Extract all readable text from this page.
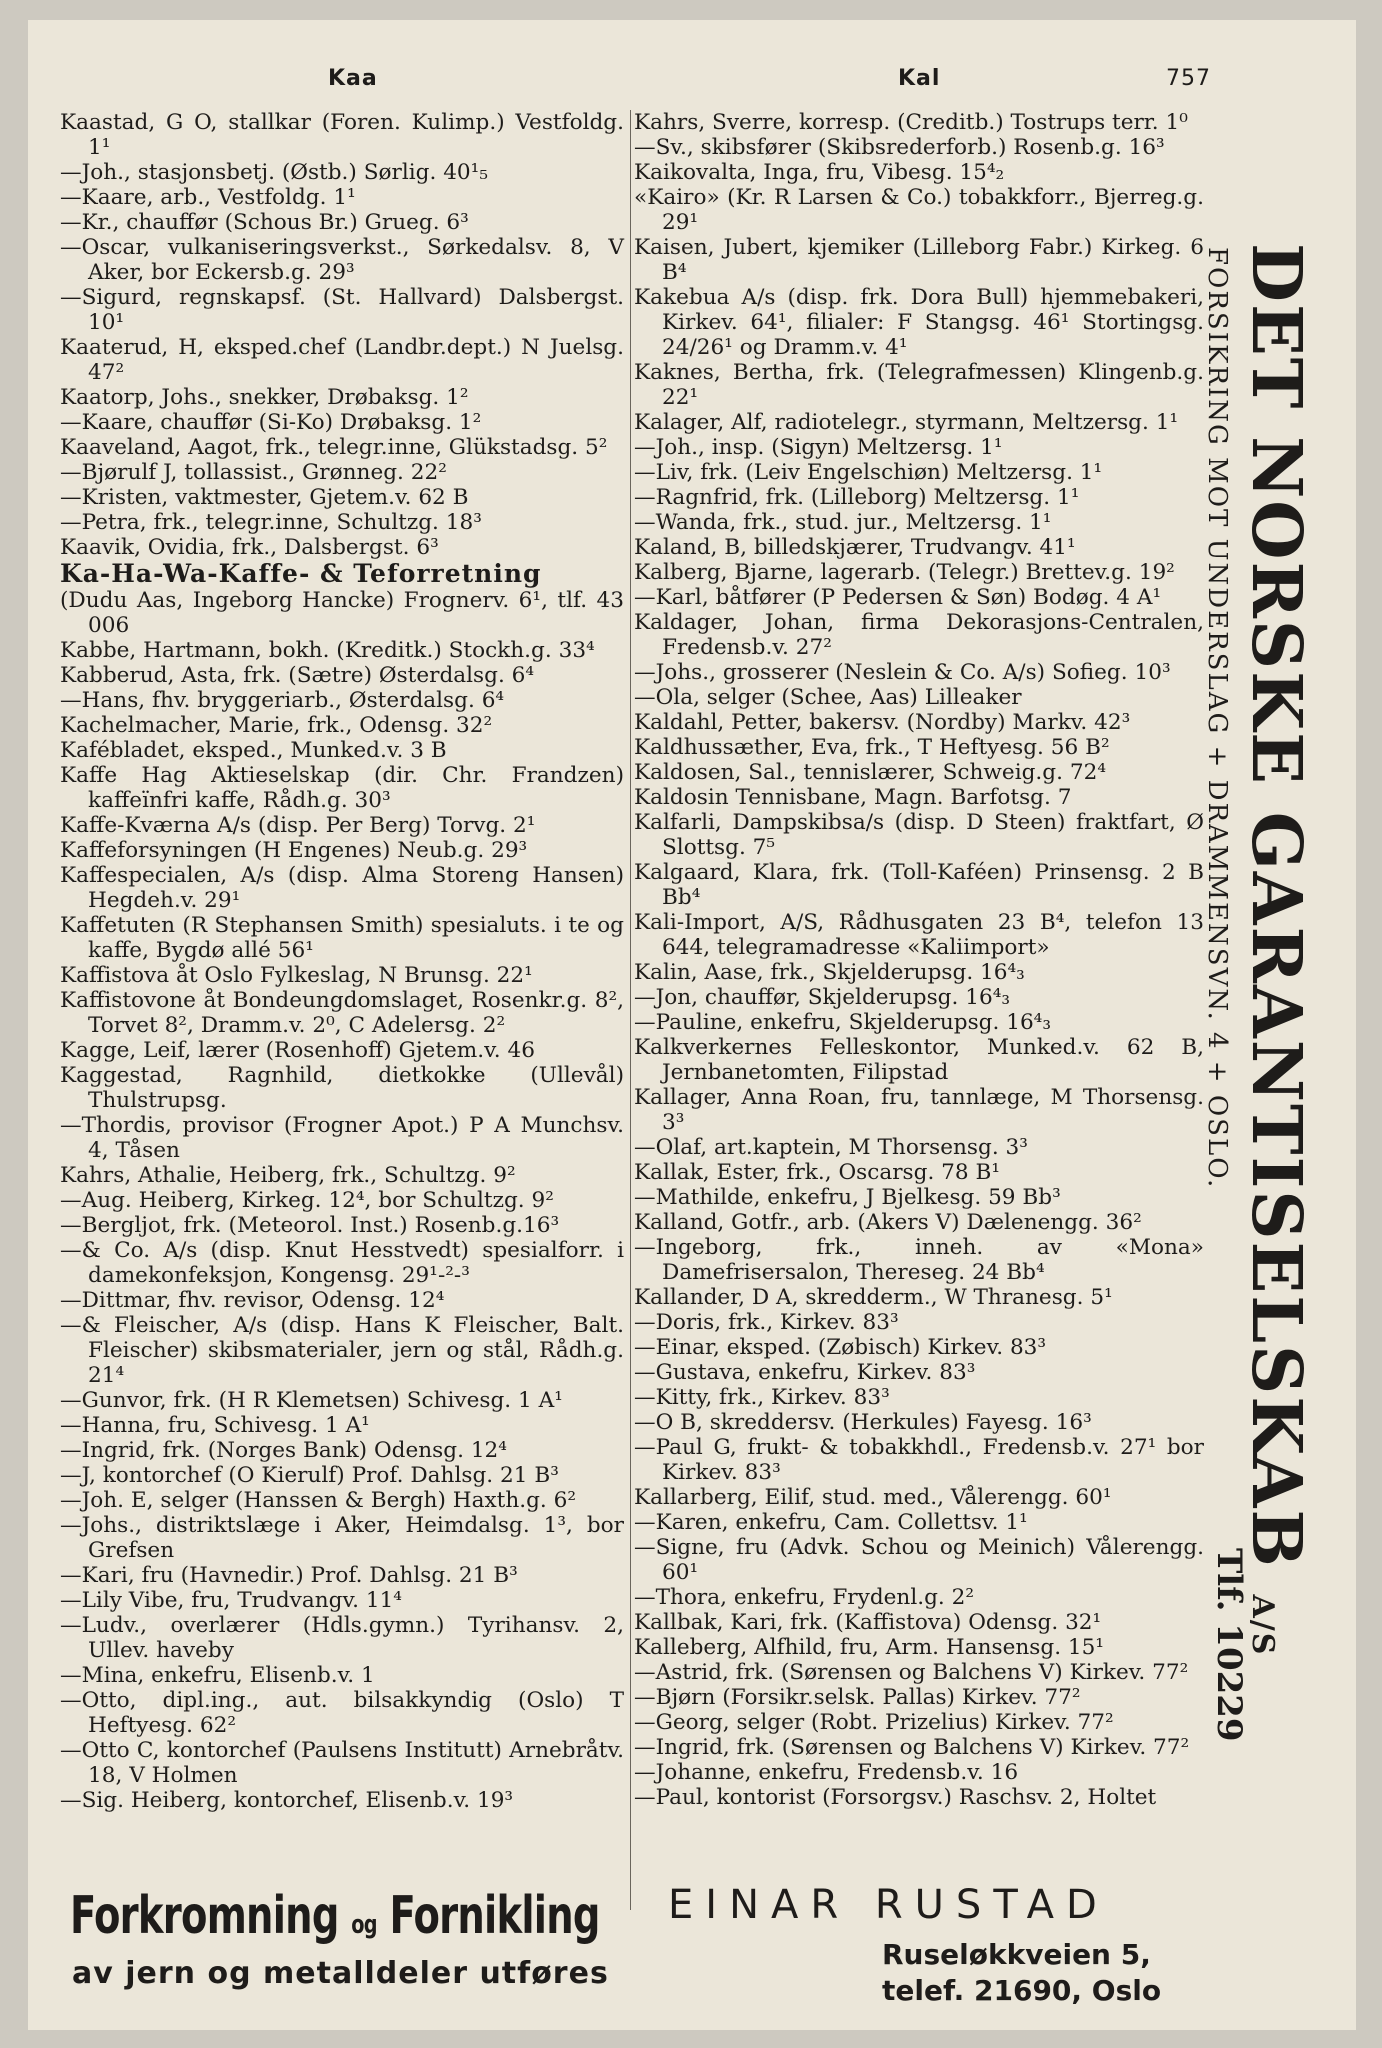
Kaa	Kal	757

Kaastad, G O, stallkar (Foren. Kulimp.) Vestfoldg. 1¹

—Joh., stasjonsbetj. (Østb.) Sørlig. 40¹₅

—Kaare, arb., Vestfoldg. 1¹

—Kr., chauffør (Schous Br.) Grueg. 6³

—Oscar, vulkaniseringsverkst., Sørkedalsv. 8, V Aker, bor Eckersb.g. 29³

—Sigurd, regnskapsf. (St. Hallvard) Dalsbergst. 10¹

Kaaterud, H, eksped.chef (Landbr.dept.) N Juelsg. 47²

Kaatorp, Johs., snekker, Drøbaksg. 1²

—Kaare, chauffør (Si-Ko) Drøbaksg. 1²

Kaaveland, Aagot, frk., telegr.inne, Glükstadsg. 5²

—Bjørulf J, tollassist., Grønneg. 22²

—Kristen, vaktmester, Gjetem.v. 62 B

—Petra, frk., telegr.inne, Schultzg. 18³

Kaavik, Ovidia, frk., Dalsbergst. 6³

Ka-Ha-Wa-Kaffe- & Teforretning

(Dudu Aas, Ingeborg Hancke) Frognerv. 6¹, tlf. 43 006

Kabbe, Hartmann, bokh. (Kreditk.) Stockh.g. 33⁴

Kabberud, Asta, frk. (Sætre) Østerdalsg. 6⁴

—Hans, fhv. bryggeriarb., Østerdalsg. 6⁴

Kachelmacher, Marie, frk., Odensg. 32²

Kafébladet, eksped., Munked.v. 3 B

Kaffe Hag Aktieselskap (dir. Chr. Frandzen) kaffeïnfri kaffe, Rådh.g. 30³

Kaffe-Kværna A/s (disp. Per Berg) Torvg. 2¹

Kaffeforsyningen (H Engenes) Neub.g. 29³

Kaffespecialen, A/s (disp. Alma Storeng Hansen) Hegdeh.v. 29¹

Kaffetuten (R Stephansen Smith) spesialuts. i te og kaffe, Bygdø allé 56¹

Kaffistova åt Oslo Fylkeslag, N Brunsg. 22¹

Kaffistovone åt Bondeungdomslaget, Rosenkr.g. 8², Torvet 8², Dramm.v. 2⁰, C Adelersg. 2²

Kagge, Leif, lærer (Rosenhoff) Gjetem.v. 46

Kaggestad, Ragnhild, dietkokke (Ullevål) Thulstrupsg.

—Thordis, provisor (Frogner Apot.) P A Munchsv. 4, Tåsen

Kahrs, Athalie, Heiberg, frk., Schultzg. 9²

—Aug. Heiberg, Kirkeg. 12⁴, bor Schultzg. 9²

—Bergljot, frk. (Meteorol. Inst.) Rosenb.g.16³

—& Co. A/s (disp. Knut Hesstvedt) spesialforr. i damekonfeksjon, Kongensg. 29¹-²-³

—Dittmar, fhv. revisor, Odensg. 12⁴

—& Fleischer, A/s (disp. Hans K Fleischer, Balt. Fleischer) skibsmaterialer, jern og stål, Rådh.g. 21⁴

—Gunvor, frk. (H R Klemetsen) Schivesg. 1 A¹

—Hanna, fru, Schivesg. 1 A¹

—Ingrid, frk. (Norges Bank) Odensg. 12⁴

—J, kontorchef (O Kierulf) Prof. Dahlsg. 21 B³

—Joh. E, selger (Hanssen & Bergh) Haxth.g. 6²

—Johs., distriktslæge i Aker, Heimdalsg. 1³, bor Grefsen

—Kari, fru (Havnedir.) Prof. Dahlsg. 21 B³

—Lily Vibe, fru, Trudvangv. 11⁴

—Ludv., overlærer (Hdls.gymn.) Tyrihansv. 2, Ullev. haveby

—Mina, enkefru, Elisenb.v. 1

—Otto, dipl.ing., aut. bilsakkyndig (Oslo) T Heftyesg. 62²

—Otto C, kontorchef (Paulsens Institutt) Arnebråtv. 18, V Holmen

—Sig. Heiberg, kontorchef, Elisenb.v. 19³

Kahrs, Sverre, korresp. (Creditb.) Tostrups terr. 1⁰

—Sv., skibsfører (Skibsrederforb.) Rosenb.g. 16³

Kaikovalta, Inga, fru, Vibesg. 15⁴₂

«Kairo» (Kr. R Larsen & Co.) tobakkforr., Bjerreg.g. 29¹

Kaisen, Jubert, kjemiker (Lilleborg Fabr.) Kirkeg. 6 B⁴

Kakebua A/s (disp. frk. Dora Bull) hjemmebakeri, Kirkev. 64¹, filialer: F Stangsg. 46¹ Stortingsg. 24/26¹ og Dramm.v. 4¹

Kaknes, Bertha, frk. (Telegrafmessen) Klingenb.g. 22¹

Kalager, Alf, radiotelegr., styrmann, Meltzersg. 1¹

—Joh., insp. (Sigyn) Meltzersg. 1¹

—Liv, frk. (Leiv Engelschiøn) Meltzersg. 1¹

—Ragnfrid, frk. (Lilleborg) Meltzersg. 1¹

—Wanda, frk., stud. jur., Meltzersg. 1¹

Kaland, B, billedskjærer, Trudvangv. 41¹

Kalberg, Bjarne, lagerarb. (Telegr.) Brettev.g. 19²

—Karl, båtfører (P Pedersen & Søn) Bodøg. 4 A¹

Kaldager, Johan, firma Dekorasjons-Centralen, Fredensb.v. 27²

—Johs., grosserer (Neslein & Co. A/s) Sofieg. 10³

—Ola, selger (Schee, Aas) Lilleaker

Kaldahl, Petter, bakersv. (Nordby) Markv. 42³

Kaldhussæther, Eva, frk., T Heftyesg. 56 B²

Kaldosen, Sal., tennislærer, Schweig.g. 72⁴

Kaldosin Tennisbane, Magn. Barfotsg. 7

Kalfarli, Dampskibsa/s (disp. D Steen) fraktfart, Ø Slottsg. 7⁵

Kalgaard, Klara, frk. (Toll-Kaféen) Prinsensg. 2 B Bb⁴

Kali-Import, A/S, Rådhusgaten 23 B⁴, telefon 13 644, telegramadresse «Kaliimport»

Kalin, Aase, frk., Skjelderupsg. 16⁴₃

—Jon, chauffør, Skjelderupsg. 16⁴₃

—Pauline, enkefru, Skjelderupsg. 16⁴₃

Kalkverkernes Felleskontor, Munked.v. 62 B, Jernbanetomten, Filipstad

Kallager, Anna Roan, fru, tannlæge, M Thorsensg. 3³

—Olaf, art.kaptein, M Thorsensg. 3³

Kallak, Ester, frk., Oscarsg. 78 B¹

—Mathilde, enkefru, J Bjelkesg. 59 Bb³

Kalland, Gotfr., arb. (Akers V) Dælenengg. 36²

—Ingeborg, frk., inneh. av «Mona» Damefrisersalon, Thereseg. 24 Bb⁴

Kallander, D A, skredderm., W Thranesg. 5¹

—Doris, frk., Kirkev. 83³

—Einar, eksped. (Zøbisch) Kirkev. 83³

—Gustava, enkefru, Kirkev. 83³

—Kitty, frk., Kirkev. 83³

—O B, skreddersv. (Herkules) Fayesg. 16³

—Paul G, frukt- & tobakkhdl., Fredensb.v. 27¹ bor Kirkev. 83³

Kallarberg, Eilif, stud. med., Vålerengg. 60¹

—Karen, enkefru, Cam. Collettsv. 1¹

—Signe, fru (Advk. Schou og Meinich) Vålerengg. 60¹

—Thora, enkefru, Frydenl.g. 2²

Kallbak, Kari, frk. (Kaffistova) Odensg. 32¹

Kalleberg, Alfhild, fru, Arm. Hansensg. 15¹

—Astrid, frk. (Sørensen og Balchens V) Kirkev. 77²

—Bjørn (Forsikr.selsk. Pallas) Kirkev. 77²

—Georg, selger (Robt. Prizelius) Kirkev. 77²

—Ingrid, frk. (Sørensen og Balchens V) Kirkev. 77²

—Johanne, enkefru, Fredensb.v. 16

—Paul, kontorist (Forsorgsv.) Raschsv. 2, Holtet

DET NORSKE GARANTISELSKAB A/S
FORSIKRING MOT UNDERSLAG + DRAMMENSVN. 4 + OSLO.
Tlf. 10229
Forkromning og Fornikling
av jern og metalldeler utføres
EINAR RUSTAD
Ruseløkkveien 5,
telef. 21690, Oslo
